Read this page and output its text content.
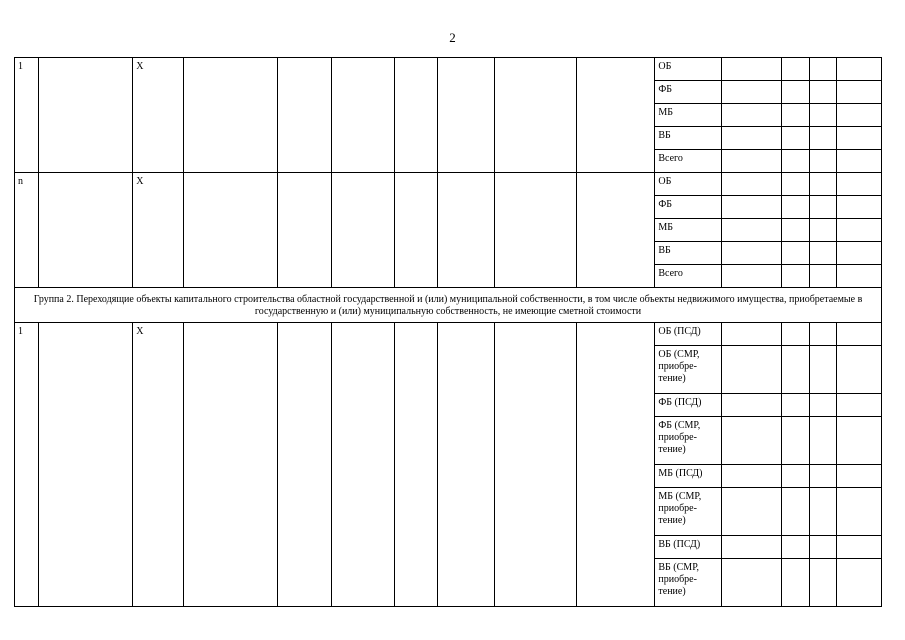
2
1		X								ОБ				
										ФБ				
										МБ				
										ВБ				
										Всего				
n		X								ОБ				
										ФБ				
										МБ				
										ВБ				
										Всего				
Группа 2. Переходящие объекты капитального строительства областной государственной и (или) муниципальной собственности, в том числе объекты недвижимого имущества, приобретаемые в государственную и (или) муниципальную собственность, не имеющие сметной стоимости														
1		X								ОБ (ПСД)				
										ОБ (СМР, приобре-тение)				
										ФБ (ПСД)				
										ФБ (СМР, приобре-тение)				
										МБ (ПСД)				
										МБ (СМР, приобре-тение)				
										ВБ (ПСД)				
										ВБ (СМР, приобре-тение)				
